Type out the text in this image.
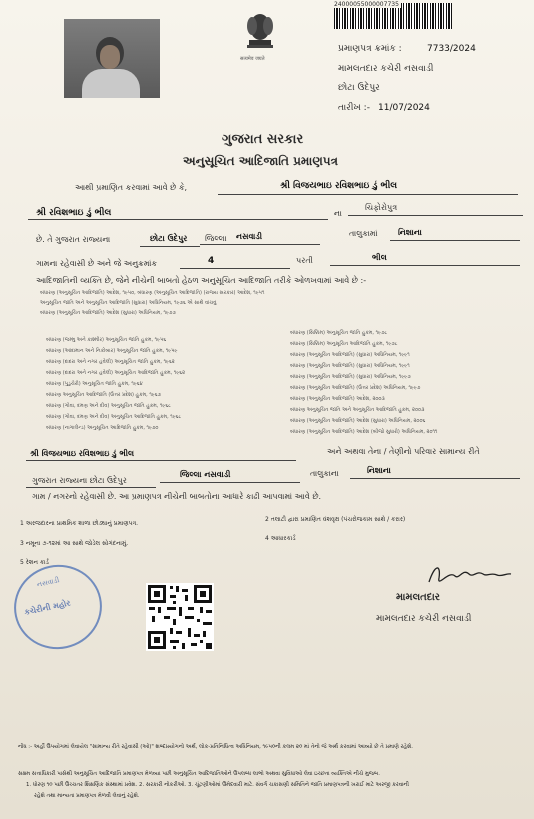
सत्यमेव जयते
24000055000007735
પ્રમાણપત્ર ક્રમાંક :	7733/2024
મામલતદાર કચેરી નસવાડી
છોટા ઉદેપુર
તારીખ :- 11/07/2024
ગુજરાત સરકાર
અનુસૂચિત આદિજાતિ પ્રમાણપત્ર
આથી પ્રમાણિત કરવામાં આવે છે કે,	શ્રી વિજયભાઇ રવિશભાઇ ડું ભીલ
શ્રી રવિશભાઇ ડું ભીલ	ના
ચિફોરોપુત્ર
છે. તે ગુજરાત રાજ્યના	છોટા ઉદેપુર જિલ્લા નસવાડી	તાલુકામાં	નિશાના
ગામના રહેવાસી છે અને જે અનુક્રમાંક	4	પરતી	ભીલ
આદિજાતિની વ્યક્તિ છે, જેને નીચેની બાબતો હેઠળ અનુસૂચિત આદિજાતિ તરીકે ઓળખવામાં આવે છે :-
બંધારણ (અનુસૂચિત આદિજાતિ) આદેશ, ૧૯૫૦, બંધારણ (અનુસૂચિત આદિજાતિ) (રાજ્ય સરકાર) આદેશ, ૧૯૫૧
અનુસૂચિત જાતિ અને અનુસૂચિત આદિજાતિ (સુધારા) અધિનિયમ, ૧૯૭૬ એ સાથે વાંચવું
બંધારણ (અનુસૂચિત આદિજાતિ) આદેશ (સુધારા) અધિનિયમ, ૧૯૭૭
બંધારણ (જમ્મુ અને કાશ્મીર) અનુસૂચિત જાતિ હુકમ, ૧૯૫૬
બંધારણ (આંદામાન અને નિકોબાર) અનુસૂચિત જાતિ હુકમ, ૧૯૫૯
બંધારણ (દાદરા અને નગર હવેલી) અનુસૂચિત જાતિ હુકમ, ૧૯૬૨
બંધારણ (દાદરા અને નગર હવેલી) અનુસૂચિત આદિજાતિ હુકમ, ૧૯૬૨
બંધારણ (પુડુચેરી) અનુસૂચિત જાતિ હુકમ, ૧૯૬૪
બંધારણ અનુસૂચિત આદિજાતિ (ઉત્તર પ્રદેશ) હુકમ, ૧૯૬૭
બંધારણ (ગોવા, દમણ અને દીવ) અનુસૂચિત જાતિ હુકમ, ૧૯૬૮
બંધારણ (ગોવા, દમણ અને દીવ) અનુસૂચિત આદિજાતિ હુકમ, ૧૯૬૮
બંધારણ (નાગાલેન્ડ) અનુસૂચિત આદિજાતિ હુકમ, ૧૯૭૦
બંધારણ (સિક્કિમ) અનુસૂચિત જાતિ હુકમ, ૧૯૭૮
બંધારણ (સિક્કિમ) અનુસૂચિત આદિજાતિ હુકમ, ૧૯૭૮
બંધારણ (અનુસૂચિત આદિજાતિ) (સુધારા) અધિનિયમ, ૧૯૯૧
બંધારણ (અનુસૂચિત આદિજાતિ) (સુધારા) અધિનિયમ, ૧૯૯૧
બંધારણ (અનુસૂચિત આદિજાતિ) (સુધારા) અધિનિયમ, ૧૯૯૭
બંધારણ (અનુસૂચિત આદિજાતિ) (ઉત્તર પ્રદેશ) અધિનિયમ, ૧૯૯૭
બંધારણ (અનુસૂચિત આદિજાતિ) આદેશ, ૨૦૦૩
બંધારણ અનુસૂચિત જાતિ અને અનુસૂચિત આદિજાતિ હુકમ, ૨૦૦૩
બંધારણ (અનુસૂચિત આદિજાતિ) આદેશ (સુધારા) અધિનિયમ, ૨૦૦૬
બંધારણ (અનુસૂચિત આદિજાતિ) આદેશ (બીજો સુધારો) અધિનિયમ, ૨૦૧૧
શ્રી વિજયભાઇ રવિશભાઇ ડું ભીલ	અને અથવા તેના / તેણીનો પરિવાર સામાન્ય રીતે
ગુજરાત રાજ્યના છોટા ઉદેપુર
જિલ્લા નસવાડી	તાલુકાના	નિશાના
ગામ / નગરનો રહેવાસી છે. આ પ્રમાણપત્ર નીચેની બાબતોના આધારે કાઢી આપવામાં આવે છે.
1 અરજદારના પ્રાથમિક શાળા છોડ્યાનું પ્રમાણપત્ર.
3 નમૂના ૭-૧૨માં આ સાથે જોડેલ સોગંદનામું.
5 રેશન કાર્ડ
2 તલાટી દ્વારા પ્રમાણિત વંશવૃક્ષ (પંચરોજકામ સાથે / કરાર)
4 આધારકાર્ડ
નસવાડી
કચેરીની મહોર
મામલતદાર
મામલતદાર કચેરી નસવાડી
નોંધ :- અહીં ઉપયોગમાં લેવાયેલ "સામાન્ય રીતે રહેવાસી (ઓ)" શબ્દપ્રયોગનો અર્થ, લોક-પ્રતિનિધિત્વ અધિનિયમ, ૧૯૫૦ની કલમ ૨૦ માં તેનો જે અર્થ કરવામાં આવ્યો છે તે પ્રમાણે રહેશે.
સક્ષમ સત્તાધિકારી પાસેથી અનુસૂચિત આદિજાતિ પ્રમાણપત્ર મેળવ્યા પછી અનુસૂચિત આદિજાતિઓને ઉપલબ્ધ લાભો અથવા સુવિધાઓ લેવા ઇચ્છતા વ્યક્તિએ નીચે મુજબ.
1. ધોરણ ૧૦ પછી ઉચ્ચતર શિક્ષણિક સંસ્થામાં પ્રવેશ. 2. સરકારી નોકરીઓ. 3. ચૂંટણીઓમાં ઉમેદવારી માટે. સંવર્ગ ચકાસણી સમિતિને જાતિ પ્રમાણપત્રની ખરાઈ માટે અરજી કરવાની
રહેશે તથા માન્યતા પ્રમાણપત્ર મેળવી લેવાનું રહેશે.
